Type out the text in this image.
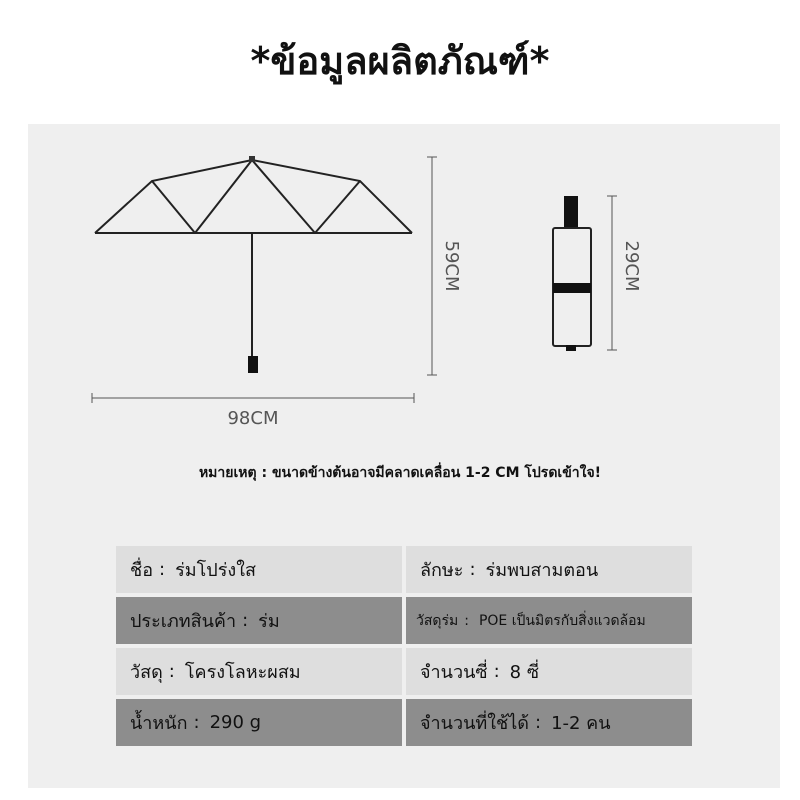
*ข้อมูลผลิตภัณฑ์*
98CM
59CM	29CM
หมายเหตุ : ขนาดข้างต้นอาจมีคลาดเคลื่อน 1-2 CM โปรดเข้าใจ!
ชื่อ : ร่มโปร่งใส	ลักษะ : ร่มพบสามตอน
ประเภทสินค้า : ร่ม	วัสดุร่ม : POE เป็นมิตรกับสิ่งแวดล้อม
วัสดุ : โครงโลหะผสม	จำนวนซี่ : 8 ซี่
น้ำหนัก : 290 g	จำนวนที่ใช้ได้ : 1-2 คน
